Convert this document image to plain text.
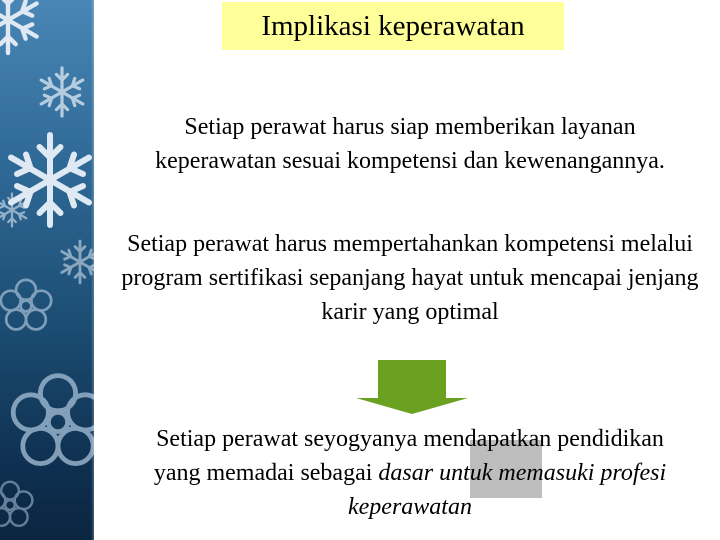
Implikasi keperawatan

Setiap perawat harus siap memberikan layanan keperawatan sesuai kompetensi dan kewenangannya.

Setiap perawat harus mempertahankan kompetensi melalui program sertifikasi sepanjang hayat untuk mencapai jenjang karir yang optimal

Setiap perawat seyogyanya mendapatkan pendidikan yang memadai sebagai dasar untuk memasuki profesi keperawatan
